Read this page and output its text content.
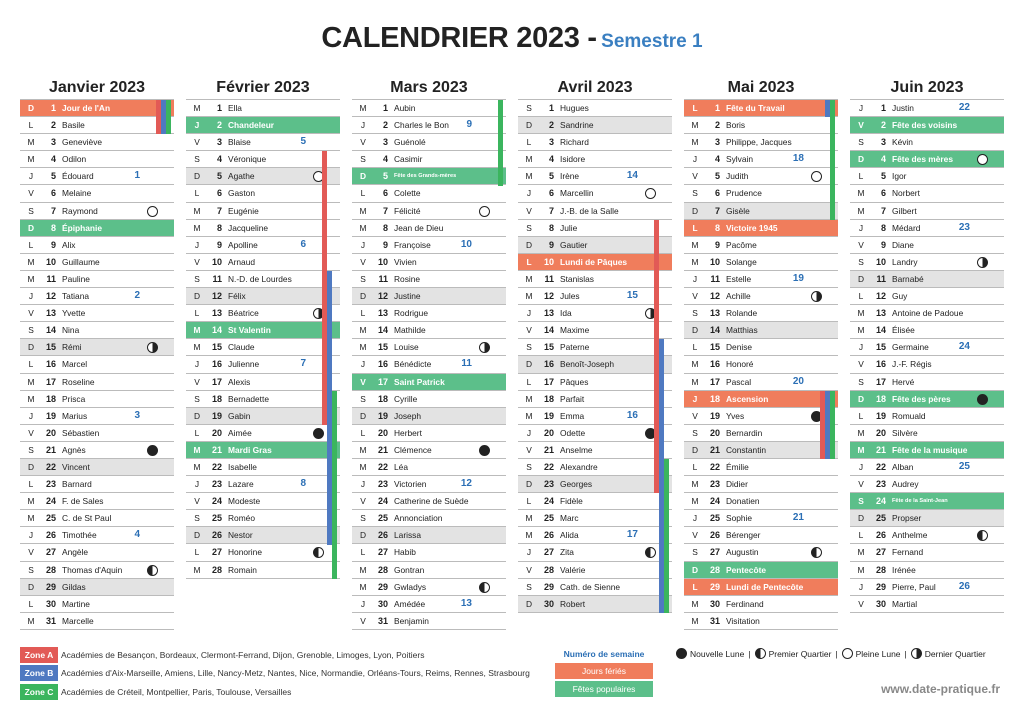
CALENDRIER 2023 - Semestre 1
Janvier 2023
D	1 Jour de l'An
L	2 Basile
M	3 Geneviève
M	4 Odilon
J	5 Édouard	1
V	6 Melaine
S	7 Raymond
D	8 Épiphanie
L	9 Alix
M	10 Guillaume
M	11 Pauline
J	12 Tatiana	2
V	13 Yvette
S	14 Nina
D	15 Rémi
L	16 Marcel
M	17 Roseline
M	18 Prisca
J	19 Marius	3
V	20 Sébastien
S	21 Agnès
D	22 Vincent
L	23 Barnard
M	24 F. de Sales
M	25 C. de St Paul
J	26 Timothée	4
V	27 Angèle
S	28 Thomas d'Aquin
D	29 Gildas
L	30 Martine
M	31 Marcelle
Février 2023
M	1 Ella
J	2 Chandeleur
V	3 Blaise	5
S	4 Véronique
D	5 Agathe
L	6 Gaston
M	7 Eugénie
M	8 Jacqueline
J	9 Apolline	6
V	10 Arnaud
S	11 N.-D. de Lourdes
D	12 Félix
L	13 Béatrice
M	14 St Valentin
M	15 Claude
J	16 Julienne	7
V	17 Alexis
S	18 Bernadette
D	19 Gabin
L	20 Aimée
M	21 Mardi Gras
M	22 Isabelle
J	23 Lazare	8
V	24 Modeste
S	25 Roméo
D	26 Nestor
L	27 Honorine
M	28 Romain
Mars 2023
M	1 Aubin
J	2 Charles le Bon	9
V	3 Guénolé
S	4 Casimir
D	5 Fête des Grands-mères
L	6 Colette
M	7 Félicité
M	8 Jean de Dieu
J	9 Françoise	10
V	10 Vivien
S	11 Rosine
D	12 Justine
L	13 Rodrigue
M	14 Mathilde
M	15 Louise
J	16 Bénédicte	11
V	17 Saint Patrick
S	18 Cyrille
D	19 Joseph
L	20 Herbert
M	21 Clémence
M	22 Léa
J	23 Victorien	12
V	24 Catherine de Suède
S	25 Annonciation
D	26 Larissa
L	27 Habib
M	28 Gontran
M	29 Gwladys
J	30 Amédée	13
V	31 Benjamin
Avril 2023
S	1 Hugues
D	2 Sandrine
L	3 Richard
M	4 Isidore
M	5 Irène	14
J	6 Marcellin
V	7 J.-B. de la Salle
S	8 Julie
D	9 Gautier
L	10 Lundi de Pâques
M	11 Stanislas
M	12 Jules	15
J	13 Ida
V	14 Maxime
S	15 Paterne
D	16 Benoît-Joseph
L	17 Pâques
M	18 Parfait
M	19 Emma	16
J	20 Odette
V	21 Anselme
S	22 Alexandre
D	23 Georges
L	24 Fidèle
M	25 Marc
M	26 Alida	17
J	27 Zita
V	28 Valérie
S	29 Cath. de Sienne
D	30 Robert
Mai 2023
L	1 Fête du Travail
M	2 Boris
M	3 Philippe, Jacques
J	4 Sylvain	18
V	5 Judith
S	6 Prudence
D	7 Gisèle
L	8 Victoire 1945
M	9 Pacôme
M	10 Solange
J	11 Estelle	19
V	12 Achille
S	13 Rolande
D	14 Matthias
L	15 Denise
M	16 Honoré
M	17 Pascal	20
J	18 Ascension
V	19 Yves
S	20 Bernardin
D	21 Constantin
L	22 Émilie
M	23 Didier
M	24 Donatien
J	25 Sophie	21
V	26 Bérenger
S	27 Augustin
D	28 Pentecôte
L	29 Lundi de Pentecôte
M	30 Ferdinand
M	31 Visitation
Juin 2023
J	1 Justin	22
V	2 Fête des voisins
S	3 Kévin
D	4 Fête des mères
L	5 Igor
M	6 Norbert
M	7 Gilbert
J	8 Médard	23
V	9 Diane
S	10 Landry
D	11 Barnabé
L	12 Guy
M	13 Antoine de Padoue
M	14 Élisée
J	15 Germaine	24
V	16 J.-F. Régis
S	17 Hervé
D	18 Fête des pères
L	19 Romuald
M	20 Silvère
M	21 Fête de la musique
J	22 Alban	25
V	23 Audrey
S	24 Fête de la Saint-Jean
D	25 Propser
L	26 Anthelme
M	27 Fernand
M	28 Irénée
J	29 Pierre, Paul	26
V	30 Martial
Zone A Académies de Besançon, Bordeaux, Clermont-Ferrand, Dijon, Grenoble, Limoges, Lyon, Poitiers
Zone B Académies d'Aix-Marseille, Amiens, Lille, Nancy-Metz, Nantes, Nice, Normandie, Orléans-Tours, Reims, Rennes, Strasbourg
Zone C Académies de Créteil, Montpellier, Paris, Toulouse, Versailles
Numéro de semaine
Jours fériés
Fêtes populaires
Nouvelle Lune | Premier Quartier | Pleine Lune | Dernier Quartier
www.date-pratique.fr
